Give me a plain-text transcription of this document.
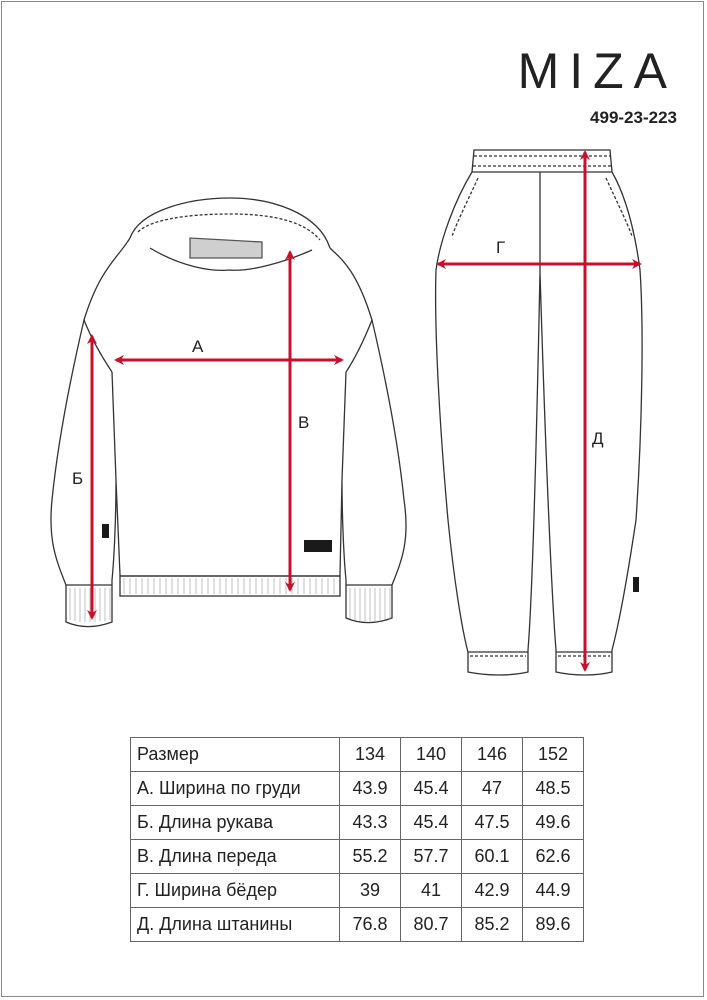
MIZA
499-23-223
А
Б
В
Г
Д
Размер	134	140	146	152
А. Ширина по груди	43.9	45.4	47	48.5
Б. Длина рукава	43.3	45.4	47.5	49.6
В. Длина переда	55.2	57.7	60.1	62.6
Г. Ширина бёдер	39	41	42.9	44.9
Д. Длина штанины	76.8	80.7	85.2	89.6
